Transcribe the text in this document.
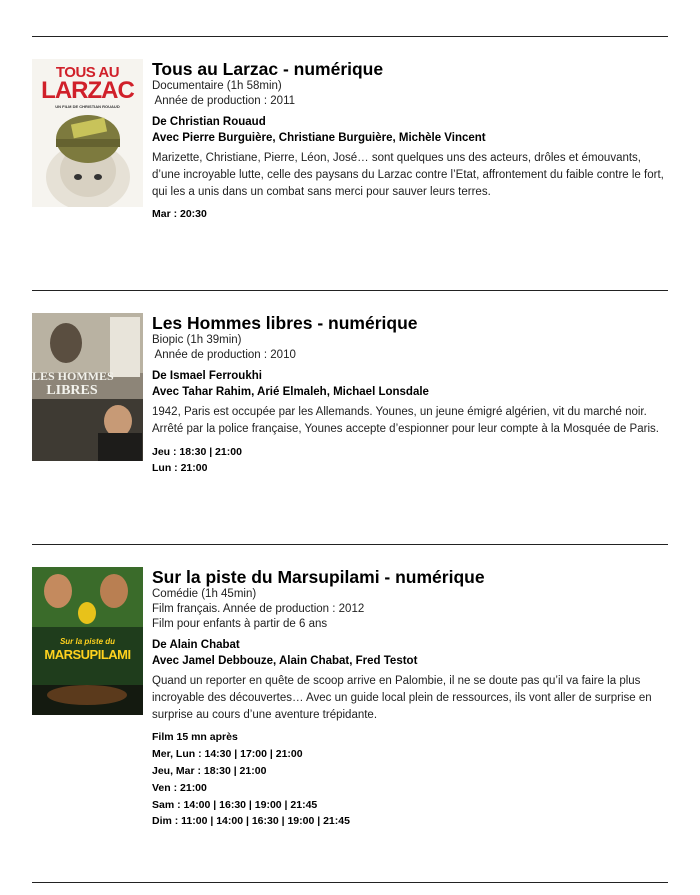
TOUS AU
LARZAC
UN FILM DE CHRISTIAN ROUAUD
Tous au Larzac - numérique
Documentaire (1h 58min)
Année de production : 2011
De Christian Rouaud
Avec Pierre Burguière, Christiane Burguière, Michèle Vincent
Marizette, Christiane, Pierre, Léon, José… sont quelques uns des acteurs, drôles et émouvants, d’une incroyable lutte, celle des paysans du Larzac contre l’Etat, affrontement du faible contre le fort, qui les a unis dans un combat sans merci pour sauver leurs terres.
Mar : 20:30
LES HOMMES
LIBRES
Les Hommes libres - numérique
Biopic (1h 39min)
Année de production : 2010
De Ismael Ferroukhi
Avec Tahar Rahim, Arié Elmaleh, Michael Lonsdale
1942, Paris est occupée par les Allemands. Younes, un jeune émigré algérien, vit du marché noir. Arrêté par la police française, Younes accepte d’espionner pour leur compte à la Mosquée de Paris.
Jeu : 18:30 | 21:00
Lun : 21:00
Sur la piste du
MARSUPILAMI
Sur la piste du Marsupilami - numérique
Comédie (1h 45min)
Film français. Année de production : 2012
Film pour enfants à partir de 6 ans
De Alain Chabat
Avec Jamel Debbouze, Alain Chabat, Fred Testot
Quand un reporter en quête de scoop arrive en Palombie, il ne se doute pas qu’il va faire la plus incroyable des découvertes… Avec un guide local plein de ressources, ils vont aller de surprise en surprise au cours d’une aventure trépidante.
Film 15 mn après
Mer, Lun : 14:30 | 17:00 | 21:00
Jeu, Mar : 18:30 | 21:00
Ven : 21:00
Sam : 14:00 | 16:30 | 19:00 | 21:45
Dim : 11:00 | 14:00 | 16:30 | 19:00 | 21:45
